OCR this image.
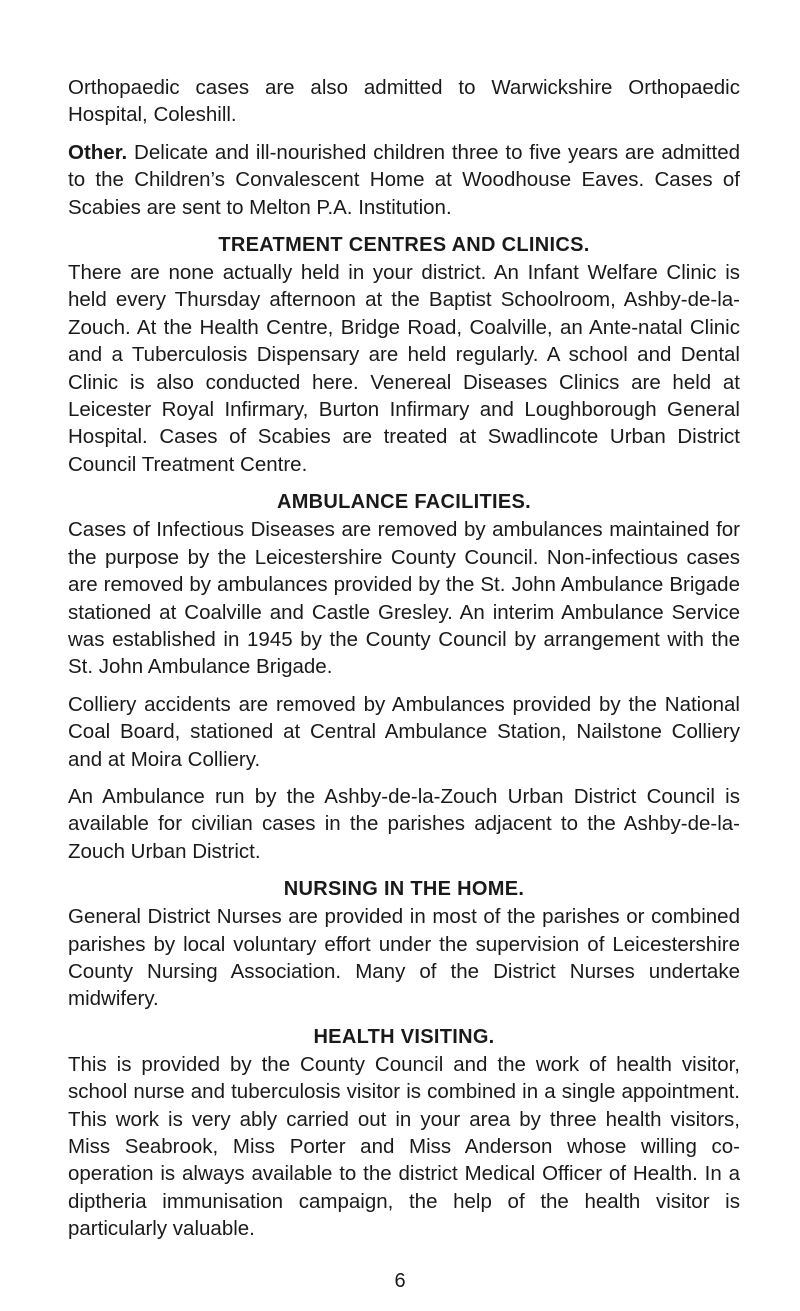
Orthopaedic cases are also admitted to Warwickshire Orthopaedic Hospital, Coleshill.

Other. Delicate and ill-nourished children three to five years are admitted to the Children’s Convalescent Home at Woodhouse Eaves. Cases of Scabies are sent to Melton P.A. Institution.

TREATMENT CENTRES AND CLINICS.

There are none actually held in your district. An Infant Welfare Clinic is held every Thursday afternoon at the Baptist Schoolroom, Ashby-de-la-Zouch. At the Health Centre, Bridge Road, Coalville, an Ante-natal Clinic and a Tuberculosis Dispensary are held regularly. A school and Dental Clinic is also conducted here. Venereal Diseases Clinics are held at Leicester Royal Infirmary, Burton Infirmary and Loughborough General Hospital. Cases of Scabies are treated at Swadlincote Urban District Council Treatment Centre.

AMBULANCE FACILITIES.

Cases of Infectious Diseases are removed by ambulances maintained for the purpose by the Leicestershire County Council. Non-infectious cases are removed by ambulances provided by the St. John Ambulance Brigade stationed at Coalville and Castle Gresley. An interim Ambulance Service was established in 1945 by the County Council by arrangement with the St. John Ambulance Brigade.

Colliery accidents are removed by Ambulances provided by the National Coal Board, stationed at Central Ambulance Station, Nailstone Colliery and at Moira Colliery.

An Ambulance run by the Ashby-de-la-Zouch Urban District Council is available for civilian cases in the parishes adjacent to the Ashby-de-la-Zouch Urban District.

NURSING IN THE HOME.

General District Nurses are provided in most of the parishes or combined parishes by local voluntary effort under the supervision of Leicestershire County Nursing Association. Many of the District Nurses undertake midwifery.

HEALTH VISITING.

This is provided by the County Council and the work of health visitor, school nurse and tuberculosis visitor is combined in a single appointment. This work is very ably carried out in your area by three health visitors, Miss Seabrook, Miss Porter and Miss Anderson whose willing co-operation is always available to the district Medical Officer of Health. In a diptheria immunisation campaign, the help of the health visitor is particularly valuable.

6
